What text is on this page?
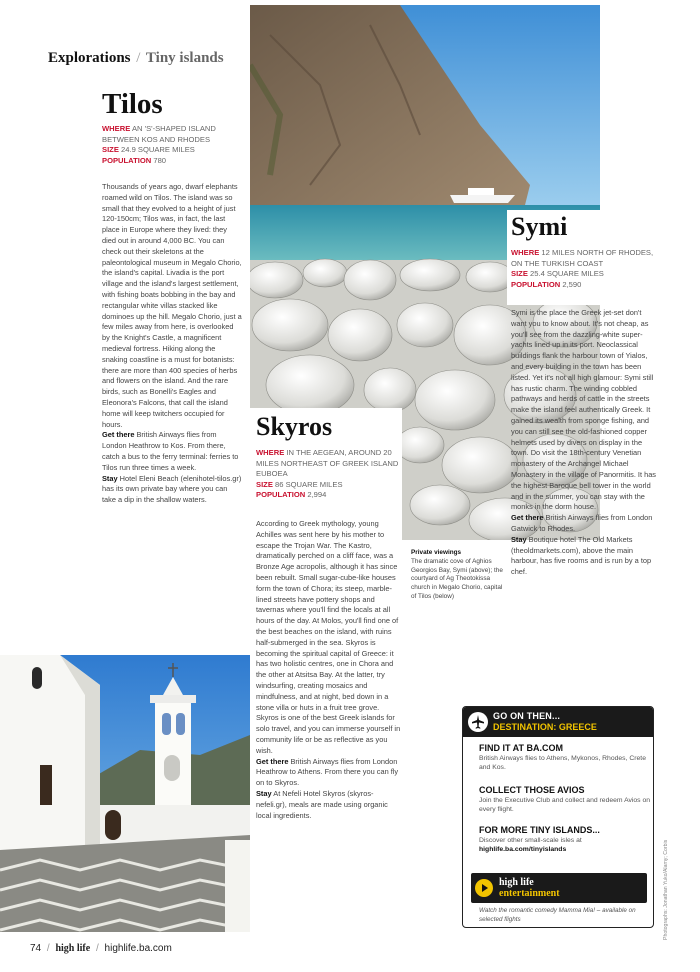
Explorations / Tiny islands
Tilos
WHERE AN 'S'-SHAPED ISLAND BETWEEN KOS AND RHODES
SIZE 24.9 SQUARE MILES
POPULATION 780

Thousands of years ago, dwarf elephants roamed wild on Tilos. The island was so small that they evolved to a height of just 120-150cm; Tilos was, in fact, the last place in Europe where they lived: they died out in around 4,000 BC. You can check out their skeletons at the paleontological museum in Megalo Chorio, the island's capital. Livadia is the port village and the island's largest settlement, with fishing boats bobbing in the bay and rectangular white villas stacked like dominoes up the hill. Megalo Chorio, just a few miles away from here, is overlooked by the Knight's Castle, a magnificent medieval fortress. Hiking along the snaking coastline is a must for botanists: there are more than 400 species of herbs and flowers on the island. And the rare birds, such as Bonelli's Eagles and Eleonora's Falcons, that call the island home will keep twitchers occupied for hours.

Get there British Airways flies from London Heathrow to Kos. From there, catch a bus to the ferry terminal: ferries to Tilos run three times a week.

Stay Hotel Eleni Beach (elenihotel-tilos.gr) has its own private bay where you can take a dip in the shallow waters.

Symi
WHERE 12 MILES NORTH OF RHODES, ON THE TURKISH COAST
SIZE 25.4 SQUARE MILES
POPULATION 2,590

Symi is the place the Greek jet-set don't want you to know about. It's not cheap, as you'll see from the dazzling-white super-yachts lined up in its port. Neoclassical buildings flank the harbour town of Yialos, and every building in the town has been listed. Yet it's not all high glamour: Symi still has rustic charm. The winding cobbled pathways and herds of cattle in the streets make the island feel authentically Greek. It gained its wealth from sponge fishing, and you can still see the old-fashioned copper helmets used by divers on display in the town. Do visit the 18th-century Venetian monastery of the Archangel Michael Monastery in the village of Panormitis. It has the highest Baroque bell tower in the world and in the summer, you can stay with the monks in the dorm house.

Get there British Airways flies from London Gatwick to Rhodes.

Stay Boutique hotel The Old Markets (theoldmarkets.com), above the main harbour, has five rooms and is run by a top chef.

Skyros
WHERE IN THE AEGEAN, AROUND 20 MILES NORTHEAST OF GREEK ISLAND EUBOEA
SIZE 86 SQUARE MILES
POPULATION 2,994

According to Greek mythology, young Achilles was sent here by his mother to escape the Trojan War. The Kastro, dramatically perched on a cliff face, was a Bronze Age acropolis, although it has since been rebuilt. Small sugar-cube-like houses form the town of Chora; its steep, marble-lined streets have pottery shops and tavernas where you'll find the locals at all hours of the day. At Molos, you'll find one of the best beaches on the island, with ruins half-submerged in the sea. Skyros is becoming the spiritual capital of Greece: it has two holistic centres, one in Chora and the other at Atsitsa Bay. At the latter, try windsurfing, creating mosaics and mindfulness, and at night, bed down in a stone villa or huts in a fruit tree grove. Skyros is one of the best Greek islands for solo travel, and you can immerse yourself in community life or be as reflective as you wish.

Get there British Airways flies from London Heathrow to Athens. From there you can fly on to Skyros.

Stay At Nefeli Hotel Skyros (skyros-nefeli.gr), meals are made using organic local ingredients.

Private viewings
The dramatic cove of Aghios Georgios Bay, Symi (above); the courtyard of Ag Theotokissa church in Megalo Chorio, capital of Tilos (below)
GO ON THEN...
DESTINATION: GREECE
FIND IT AT BA.COM
British Airways flies to Athens, Mykonos, Rhodes, Crete and Kos.
COLLECT THOSE AVIOS
Join the Executive Club and collect and redeem Avios on every flight.
FOR MORE TINY ISLANDS...
Discover other small-scale isles at
highlife.ba.com/tinyislands
high life
entertainment
Watch the romantic comedy Mamma Mia! – available on selected flights	Photographs: Jonathan Yuko/Alamy; Corbis
74 / high life / highlife.ba.com
